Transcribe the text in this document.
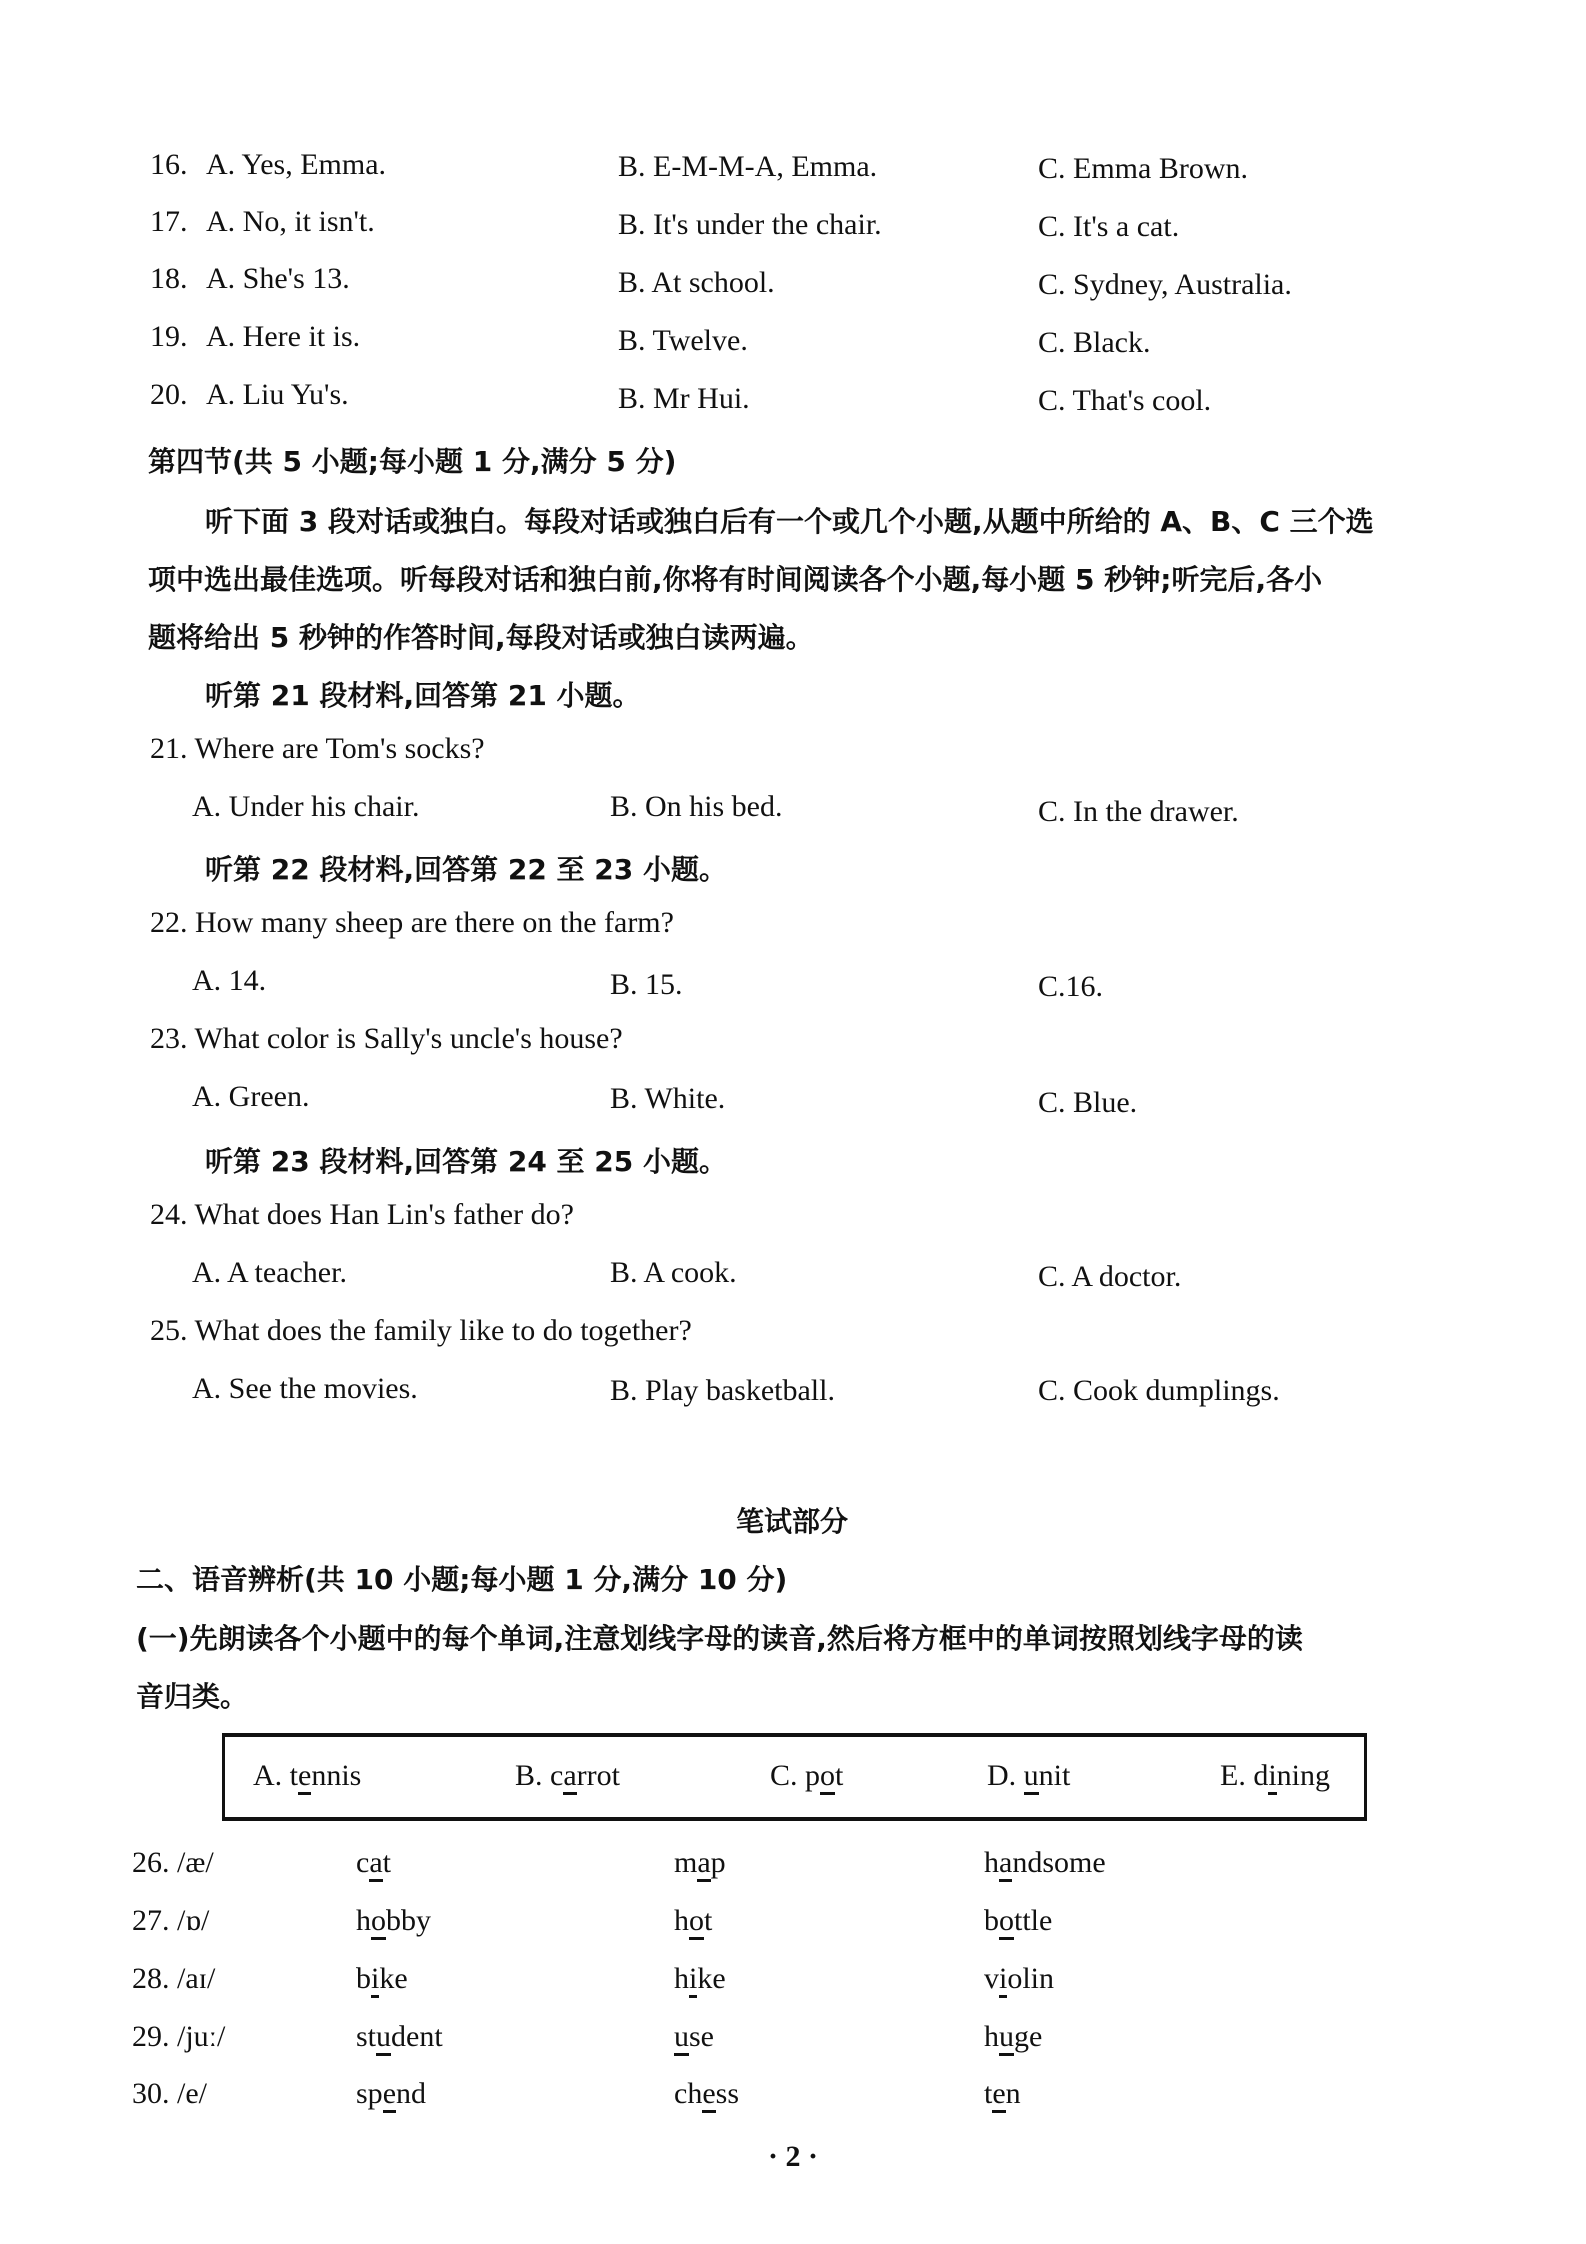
16. A. Yes, Emma.	B. E-M-M-A, Emma.	C. Emma Brown.
17. A. No, it isn't.	B. It's under the chair.	C. It's a cat.
18. A. She's 13.	B. At school.	C. Sydney, Australia.
19. A. Here it is.	B. Twelve.	C. Black.
20. A. Liu Yu's.	B. Mr Hui.	C. That's cool.
第四节(共 5 小题;每小题 1 分,满分 5 分)
听下面 3 段对话或独白。每段对话或独白后有一个或几个小题,从题中所给的 A、B、C 三个选
项中选出最佳选项。听每段对话和独白前,你将有时间阅读各个小题,每小题 5 秒钟;听完后,各小
题将给出 5 秒钟的作答时间,每段对话或独白读两遍。
听第 21 段材料,回答第 21 小题。
21. Where are Tom's socks?
A. Under his chair.	B. On his bed.	C. In the drawer.
听第 22 段材料,回答第 22 至 23 小题。
22. How many sheep are there on the farm?
A. 14.	B. 15.	C.16.
23. What color is Sally's uncle's house?
A. Green.	B. White.	C. Blue.
听第 23 段材料,回答第 24 至 25 小题。
24. What does Han Lin's father do?
A. A teacher.	B. A cook.	C. A doctor.
25. What does the family like to do together?
A. See the movies.	B. Play basketball.	C. Cook dumplings.
笔试部分
二、语音辨析(共 10 小题;每小题 1 分,满分 10 分)
(一)先朗读各个小题中的每个单词,注意划线字母的读音,然后将方框中的单词按照划线字母的读
音归类。
A. tennis	B. carrot	C. pot	D. unit	E. dining
26. /æ/	cat	map	handsome
27. /ɒ/	hobby	hot	bottle
28. /aɪ/	bike	hike	violin
29. /juː/	student	use	huge
30. /e/	spend	chess	ten
· 2 ·
